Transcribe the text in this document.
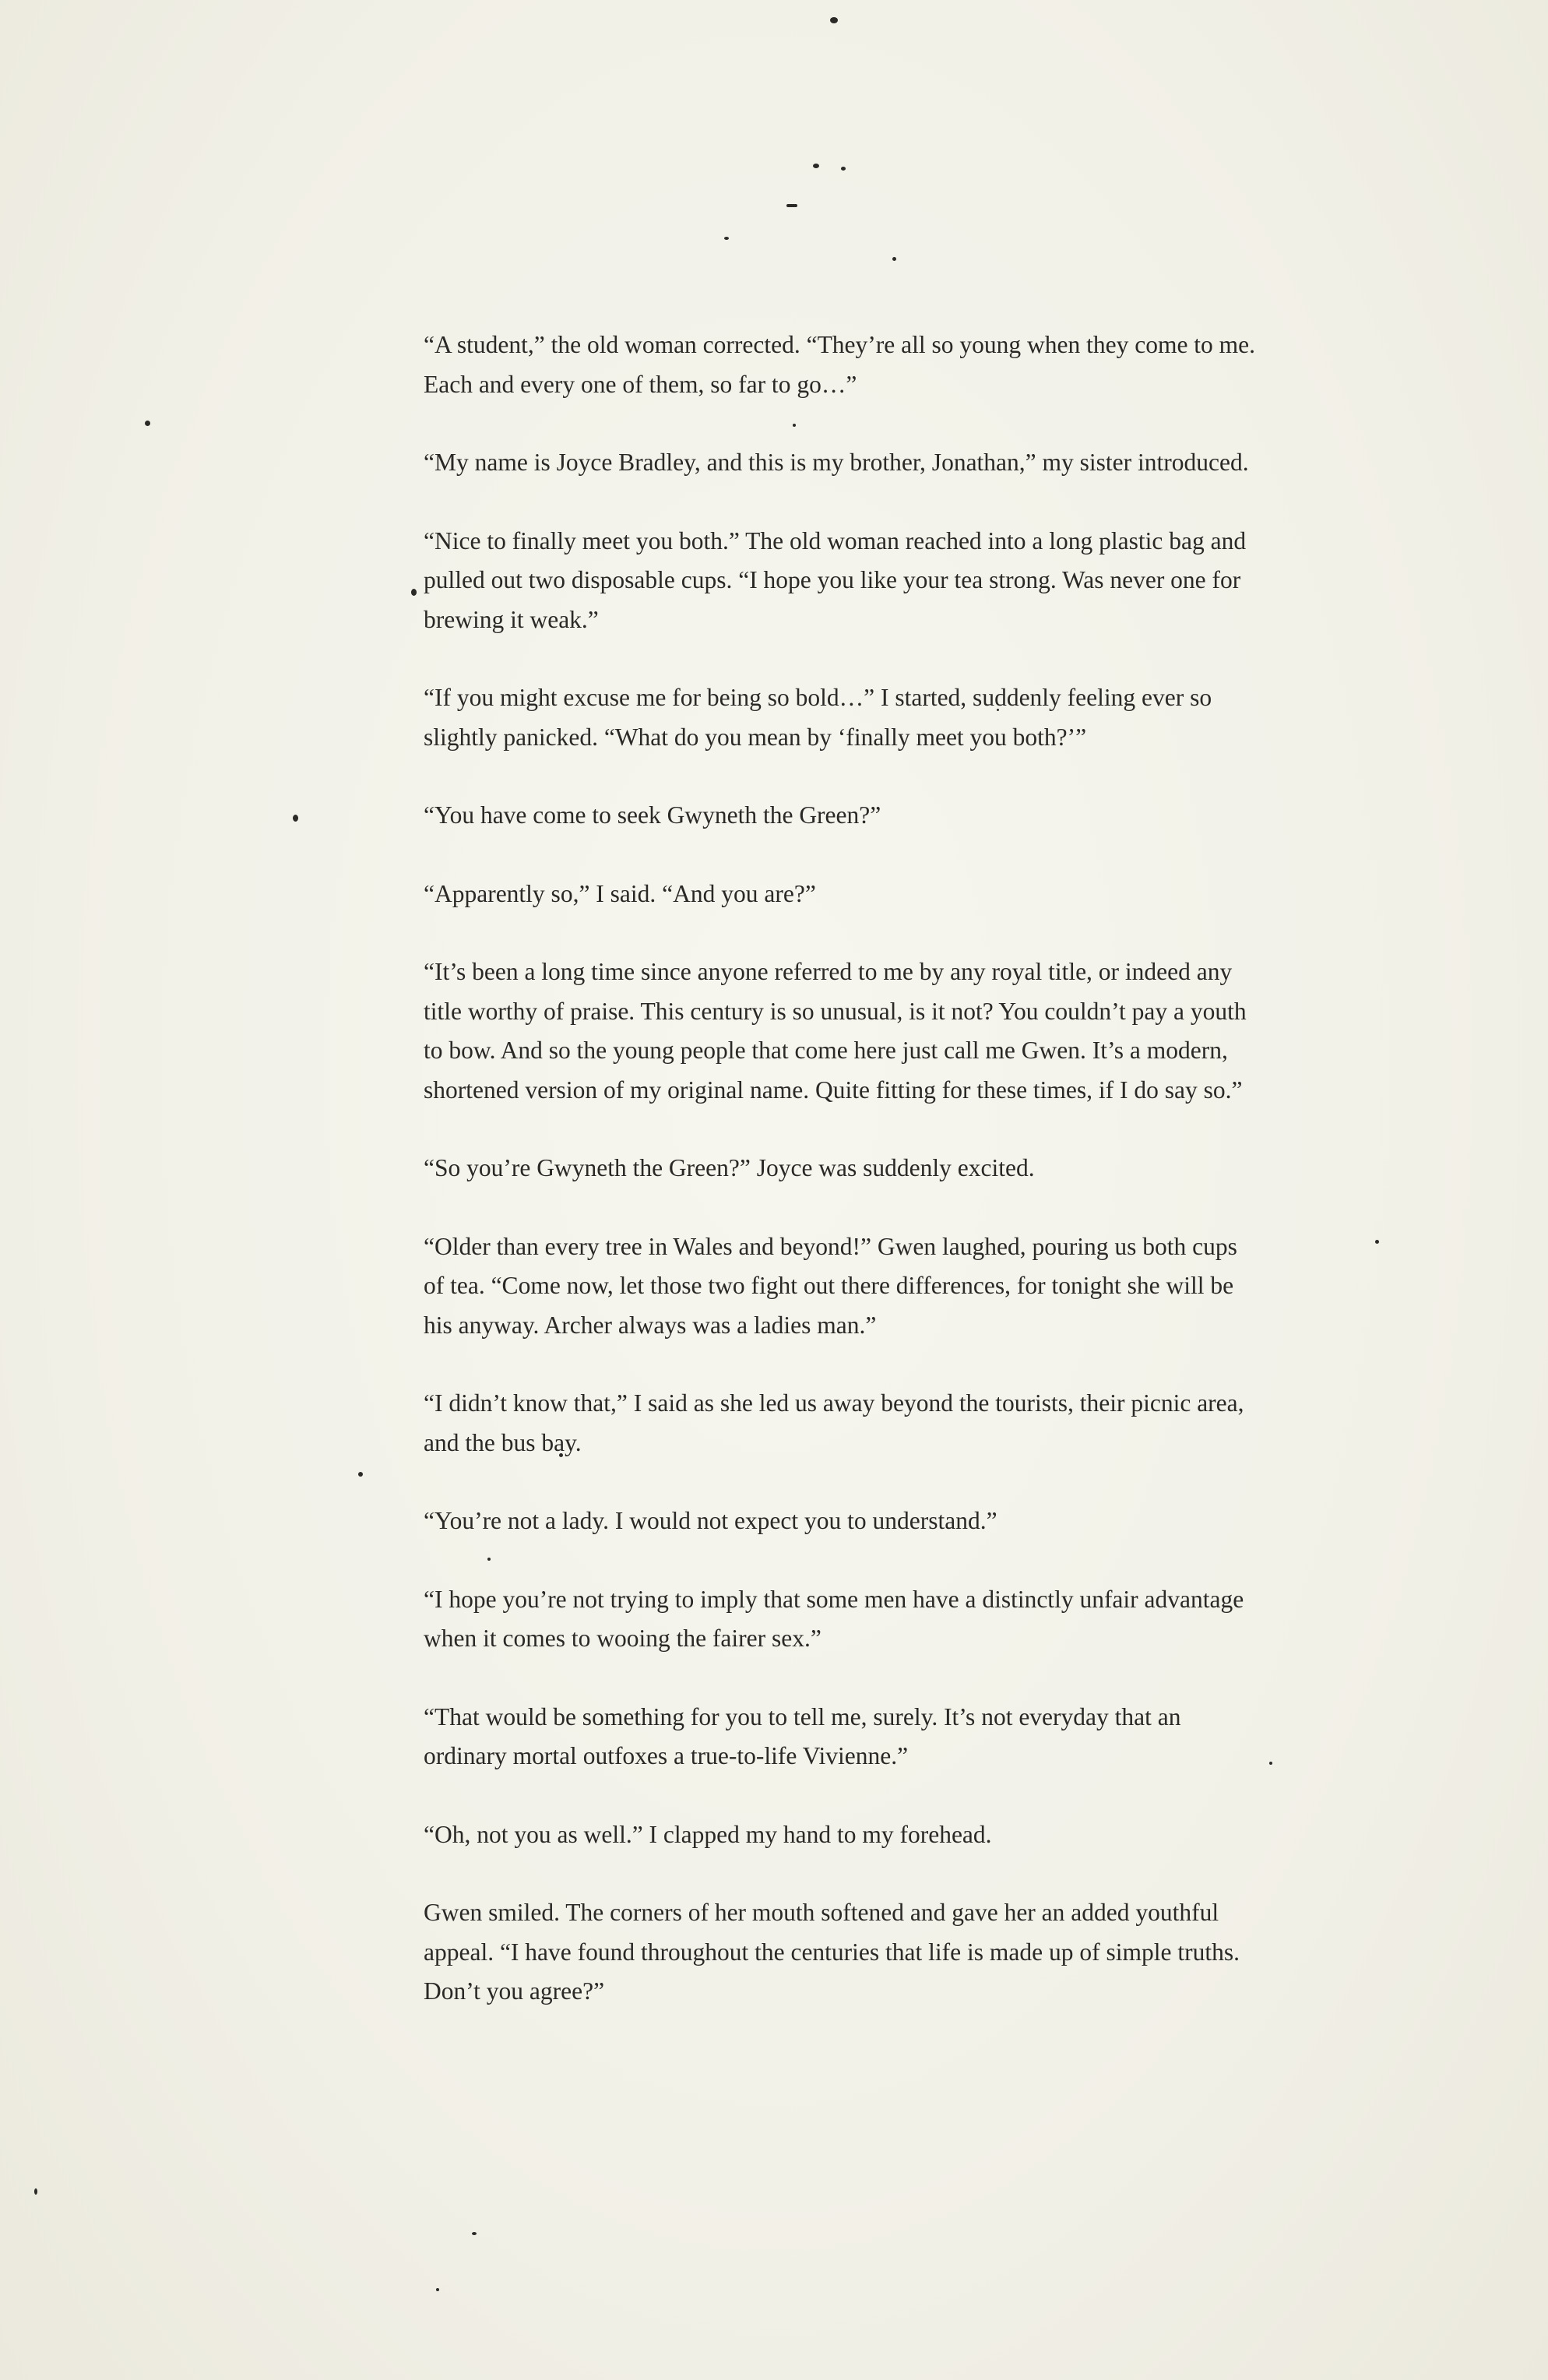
“A student,” the old woman corrected. “They’re all so young when they come to me. Each and every one of them, so far to go…”

“My name is Joyce Bradley, and this is my brother, Jonathan,” my sister introduced.

“Nice to finally meet you both.” The old woman reached into a long plastic bag and pulled out two disposable cups. “I hope you like your tea strong. Was never one for brewing it weak.”

“If you might excuse me for being so bold…” I started, suddenly feeling ever so slightly panicked. “What do you mean by ‘finally meet you both?’”

“You have come to seek Gwyneth the Green?”

“Apparently so,” I said. “And you are?”

“It’s been a long time since anyone referred to me by any royal title, or indeed any title worthy of praise. This century is so unusual, is it not? You couldn’t pay a youth to bow. And so the young people that come here just call me Gwen. It’s a modern, shortened version of my original name. Quite fitting for these times, if I do say so.”

“So you’re Gwyneth the Green?” Joyce was suddenly excited.

“Older than every tree in Wales and beyond!” Gwen laughed, pouring us both cups of tea. “Come now, let those two fight out there differences, for tonight she will be his anyway. Archer always was a ladies man.”

“I didn’t know that,” I said as she led us away beyond the tourists, their picnic area, and the bus bay.

“You’re not a lady. I would not expect you to understand.”

“I hope you’re not trying to imply that some men have a distinctly unfair advantage when it comes to wooing the fairer sex.”

“That would be something for you to tell me, surely. It’s not everyday that an ordinary mortal outfoxes a true-to-life Vivienne.”

“Oh, not you as well.” I clapped my hand to my forehead.

Gwen smiled. The corners of her mouth softened and gave her an added youthful appeal. “I have found throughout the centuries that life is made up of simple truths. Don’t you agree?”
